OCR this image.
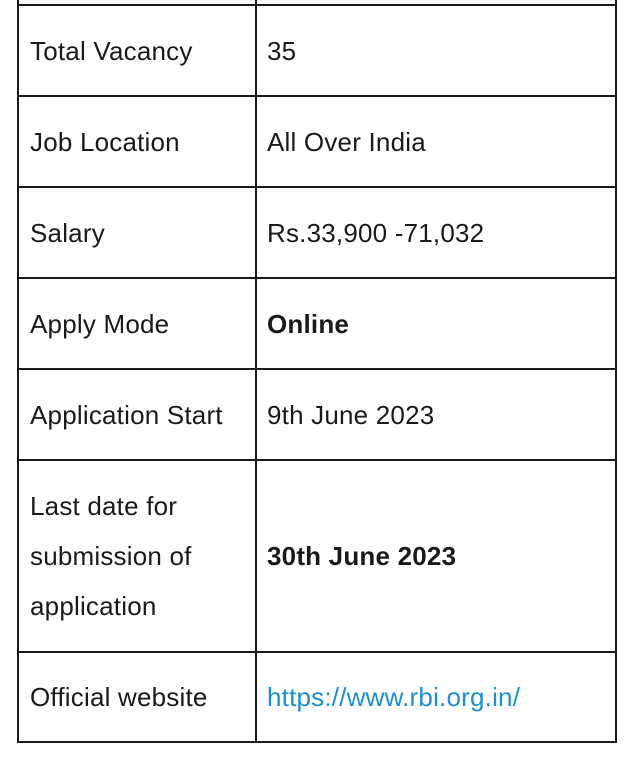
Total Vacancy	35
Job Location	All Over India
Salary	Rs.33,900 -71,032
Apply Mode	Online
Application Start	9th June 2023
Last date for submission of application	30th June 2023
Official website	https://www.rbi.org.in/
